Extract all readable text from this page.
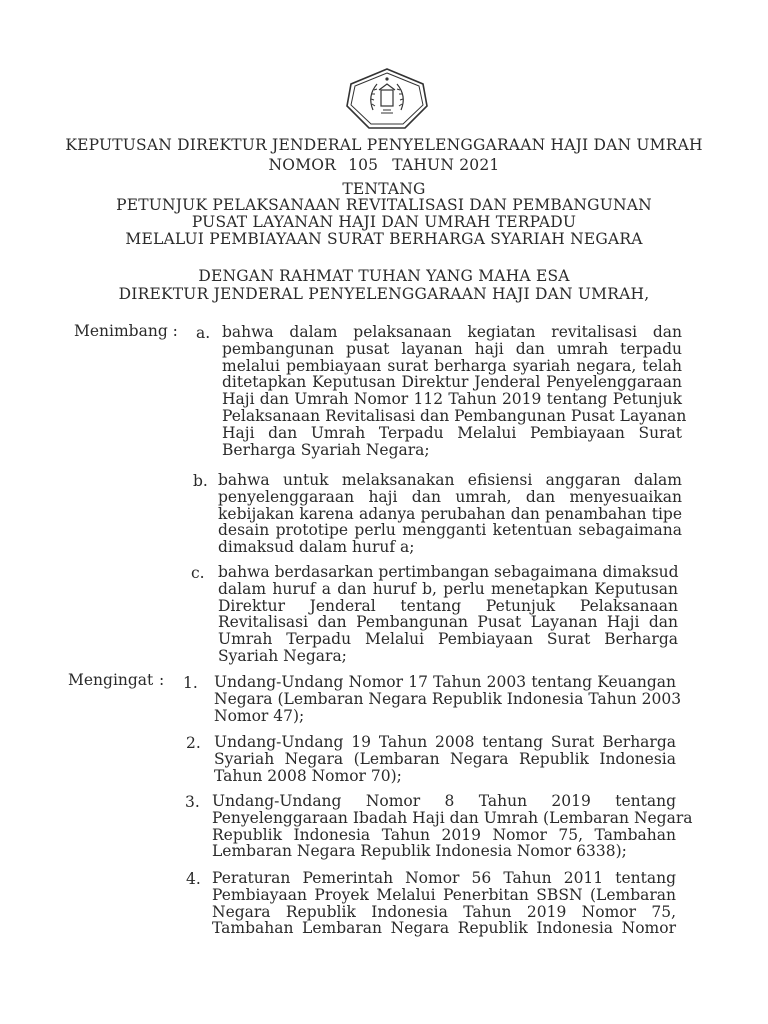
KEPUTUSAN DIREKTUR JENDERAL PENYELENGGARAAN HAJI DAN UMRAH
NOMOR 105 TAHUN 2021
TENTANG
PETUNJUK PELAKSANAAN REVITALISASI DAN PEMBANGUNAN
PUSAT LAYANAN HAJI DAN UMRAH TERPADU
MELALUI PEMBIAYAAN SURAT BERHARGA SYARIAH NEGARA
DENGAN RAHMAT TUHAN YANG MAHA ESA
DIREKTUR JENDERAL PENYELENGGARAAN HAJI DAN UMRAH,
Menimbang : a. bahwa dalam pelaksanaan kegiatan revitalisasi dan
pembangunan pusat layanan haji dan umrah terpadu
melalui pembiayaan surat berharga syariah negara, telah
ditetapkan Keputusan Direktur Jenderal Penyelenggaraan
Haji dan Umrah Nomor 112 Tahun 2019 tentang Petunjuk
Pelaksanaan Revitalisasi dan Pembangunan Pusat Layanan
Haji dan Umrah Terpadu Melalui Pembiayaan Surat
Berharga Syariah Negara;
b. bahwa untuk melaksanakan efisiensi anggaran dalam
penyelenggaraan haji dan umrah, dan menyesuaikan
kebijakan karena adanya perubahan dan penambahan tipe
desain prototipe perlu mengganti ketentuan sebagaimana
dimaksud dalam huruf a;
c. bahwa berdasarkan pertimbangan sebagaimana dimaksud
dalam huruf a dan huruf b, perlu menetapkan Keputusan
Direktur Jenderal tentang Petunjuk Pelaksanaan
Revitalisasi dan Pembangunan Pusat Layanan Haji dan
Umrah Terpadu Melalui Pembiayaan Surat Berharga
Syariah Negara;
Mengingat : 1. Undang-Undang Nomor 17 Tahun 2003 tentang Keuangan
Negara (Lembaran Negara Republik Indonesia Tahun 2003
Nomor 47);
2. Undang-Undang 19 Tahun 2008 tentang Surat Berharga
Syariah Negara (Lembaran Negara Republik Indonesia
Tahun 2008 Nomor 70);
3. Undang-Undang Nomor 8 Tahun 2019 tentang
Penyelenggaraan Ibadah Haji dan Umrah (Lembaran Negara
Republik Indonesia Tahun 2019 Nomor 75, Tambahan
Lembaran Negara Republik Indonesia Nomor 6338);
4. Peraturan Pemerintah Nomor 56 Tahun 2011 tentang
Pembiayaan Proyek Melalui Penerbitan SBSN (Lembaran
Negara Republik Indonesia Tahun 2019 Nomor 75,
Tambahan Lembaran Negara Republik Indonesia Nomor
